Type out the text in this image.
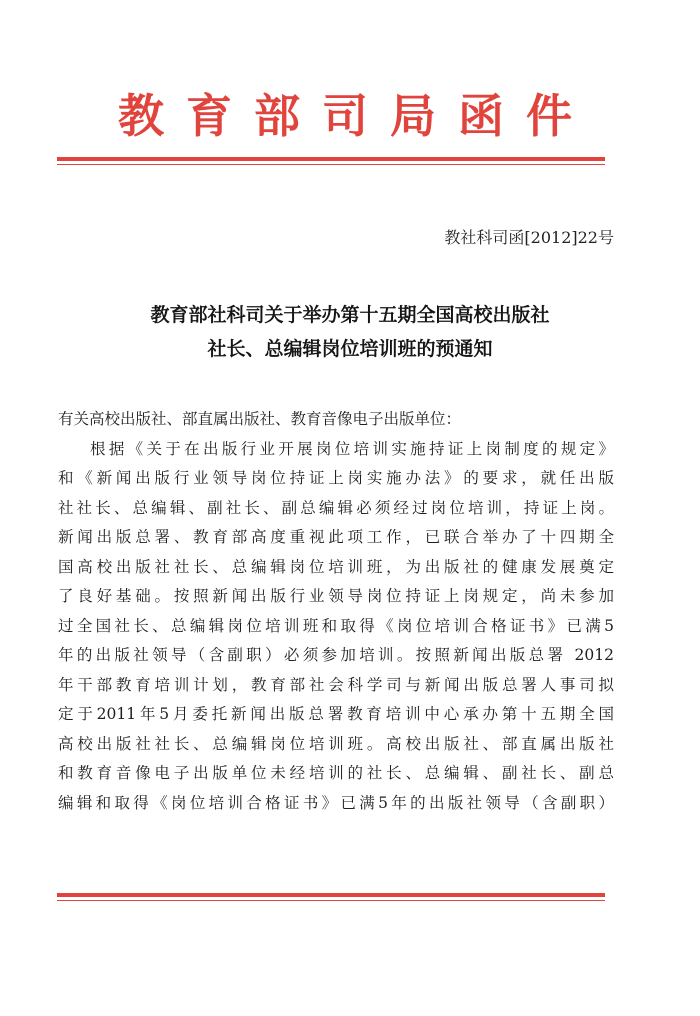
教育部司局函件
教社科司函[2012]22号
教育部社科司关于举办第十五期全国高校出版社
社长、总编辑岗位培训班的预通知
有关高校出版社、部直属出版社、教育音像电子出版单位：
根据《关于在出版行业开展岗位培训实施持证上岗制度的规定》
和《新闻出版行业领导岗位持证上岗实施办法》的要求，就任出版
社社长、总编辑、副社长、副总编辑必须经过岗位培训，持证上岗。
新闻出版总署、教育部高度重视此项工作，已联合举办了十四期全
国高校出版社社长、总编辑岗位培训班，为出版社的健康发展奠定
了良好基础。按照新闻出版行业领导岗位持证上岗规定，尚未参加
过全国社长、总编辑岗位培训班和取得《岗位培训合格证书》已满5
年的出版社领导（含副职）必须参加培训。按照新闻出版总署 2012
年干部教育培训计划，教育部社会科学司与新闻出版总署人事司拟
定于2011年5月委托新闻出版总署教育培训中心承办第十五期全国
高校出版社社长、总编辑岗位培训班。高校出版社、部直属出版社
和教育音像电子出版单位未经培训的社长、总编辑、副社长、副总
编辑和取得《岗位培训合格证书》已满5年的出版社领导（含副职）
